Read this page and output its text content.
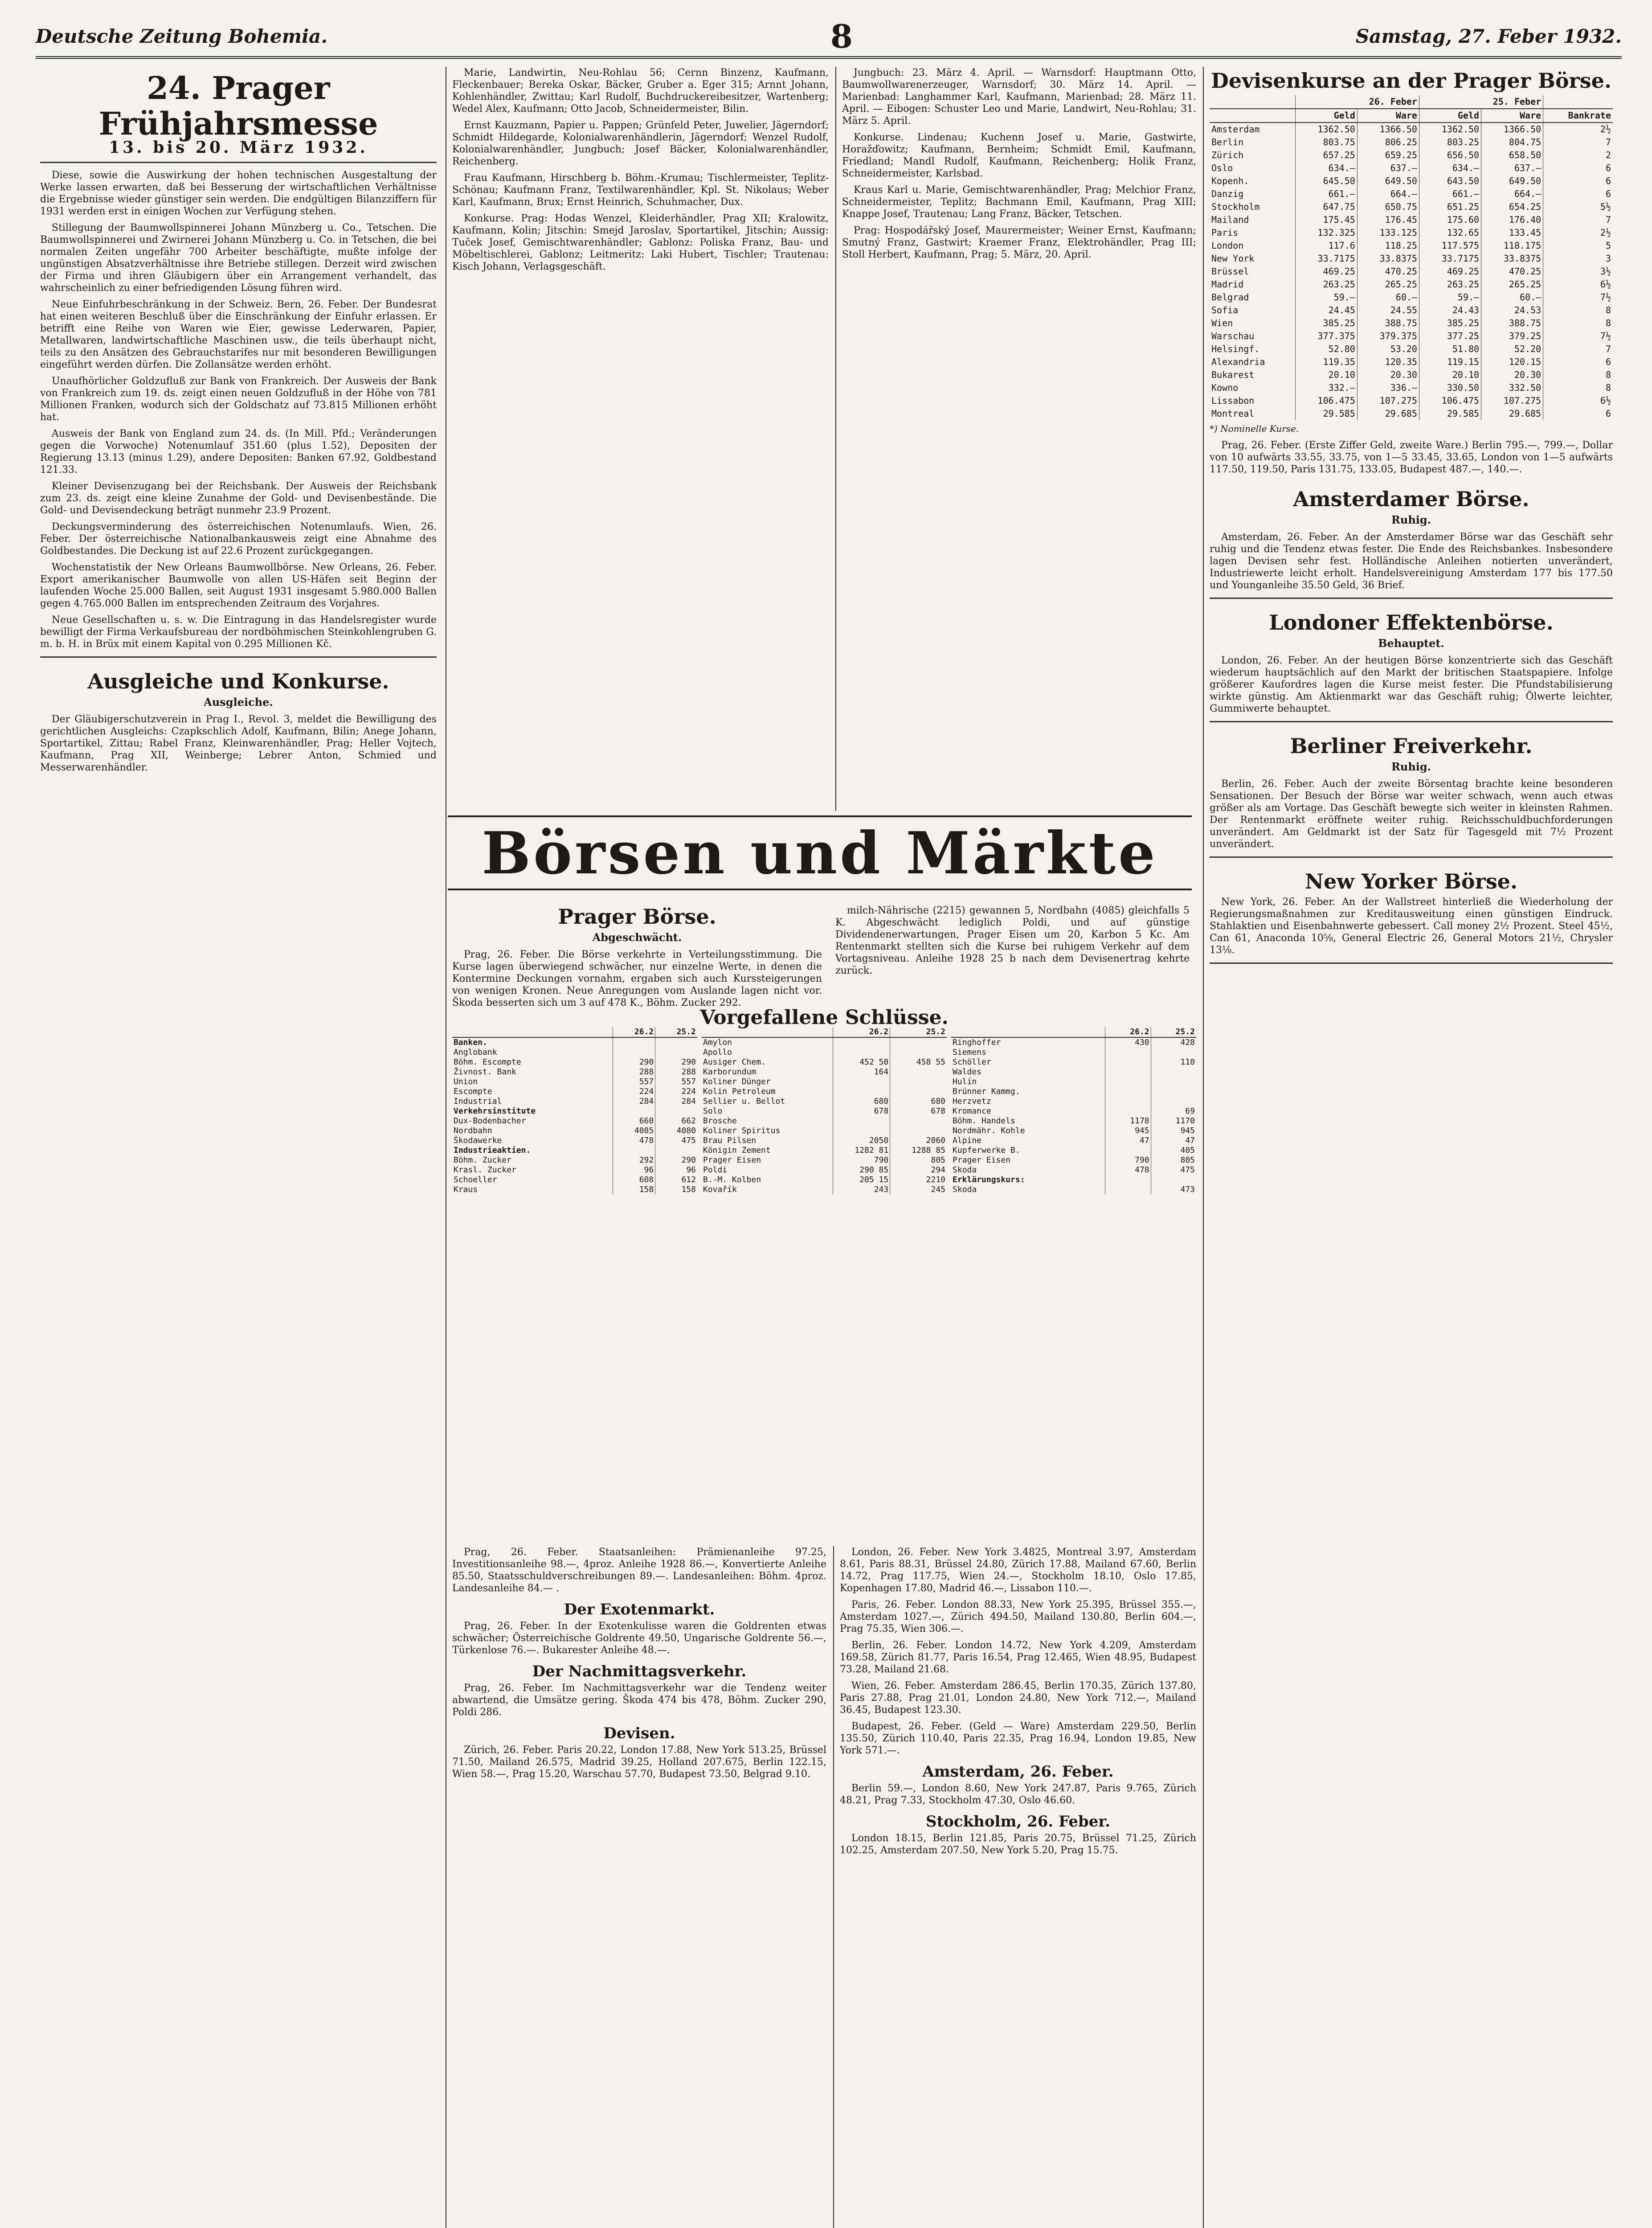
Deutsche Zeitung Bohemia.	8	Samstag, 27. Feber 1932.
24. Prager Frühjahrsmesse
13. bis 20. März 1932.

Diese, sowie die Auswirkung der hohen technischen Ausgestaltung der Werke lassen erwarten, daß bei Besserung der wirtschaftlichen Verhältnisse die Ergebnisse wieder günstiger sein werden. Die endgültigen Bilanzziffern für 1931 werden erst in einigen Wochen zur Verfügung stehen.

Stillegung der Baumwollspinnerei Johann Münzberg u. Co., Tetschen. Die Baumwollspinnerei und Zwirnerei Johann Münzberg u. Co. in Tetschen, die bei normalen Zeiten ungefähr 700 Arbeiter beschäftigte, mußte infolge der ungünstigen Absatzverhältnisse ihre Betriebe stillegen. Derzeit wird zwischen der Firma und ihren Gläubigern über ein Arrangement verhandelt, das wahrscheinlich zu einer befriedigenden Lösung führen wird.

Neue Einfuhrbeschränkung in der Schweiz. Bern, 26. Feber. Der Bundesrat hat einen weiteren Beschluß über die Einschränkung der Einfuhr erlassen. Er betrifft eine Reihe von Waren wie Eier, gewisse Lederwaren, Papier, Metallwaren, landwirtschaftliche Maschinen usw., die teils überhaupt nicht, teils zu den Ansätzen des Gebrauchstarifes nur mit besonderen Bewilligungen eingeführt werden dürfen. Die Zollansätze werden erhöht.

Unaufhörlicher Goldzufluß zur Bank von Frankreich. Der Ausweis der Bank von Frankreich zum 19. ds. zeigt einen neuen Goldzufluß in der Höhe von 781 Millionen Franken, wodurch sich der Goldschatz auf 73.815 Millionen erhöht hat.

Ausweis der Bank von England zum 24. ds. (In Mill. Pfd.; Veränderungen gegen die Vorwoche) Notenumlauf 351.60 (plus 1.52), Depositen der Regierung 13.13 (minus 1.29), andere Depositen: Banken 67.92, Goldbestand 121.33.

Kleiner Devisenzugang bei der Reichsbank. Der Ausweis der Reichsbank zum 23. ds. zeigt eine kleine Zunahme der Gold- und Devisenbestände. Die Gold- und Devisendeckung beträgt nunmehr 23.9 Prozent.

Deckungsverminderung des österreichischen Notenumlaufs. Wien, 26. Feber. Der österreichische Nationalbankausweis zeigt eine Abnahme des Goldbestandes. Die Deckung ist auf 22.6 Prozent zurückgegangen.

Wochenstatistik der New Orleans Baumwollbörse. New Orleans, 26. Feber. Export amerikanischer Baumwolle von allen US-Häfen seit Beginn der laufenden Woche 25.000 Ballen, seit August 1931 insgesamt 5.980.000 Ballen gegen 4.765.000 Ballen im entsprechenden Zeitraum des Vorjahres.

Neue Gesellschaften u. s. w. Die Eintragung in das Handelsregister wurde bewilligt der Firma Verkaufsbureau der nordböhmischen Steinkohlengruben G. m. b. H. in Brüx mit einem Kapital von 0.295 Millionen Kč.

Ausgleiche und Konkurse.
Ausgleiche.

Der Gläubigerschutzverein in Prag I., Revol. 3, meldet die Bewilligung des gerichtlichen Ausgleichs: Czapkschlich Adolf, Kaufmann, Bilin; Anege Johann, Sportartikel, Zittau; Rabel Franz, Kleinwarenhändler, Prag; Heller Vojtech, Kaufmann, Prag XII, Weinberge; Lebrer Anton, Schmied und Messerwarenhändler.

Marie, Landwirtin, Neu-Rohlau 56; Cernn Binzenz, Kaufmann, Fleckenbauer; Bereka Oskar, Bäcker, Gruber a. Eger 315; Arnnt Johann, Kohlenhändler, Zwittau; Karl Rudolf, Buchdruckereibesitzer, Wartenberg; Wedel Alex, Kaufmann; Otto Jacob, Schneidermeister, Bilin.

Ernst Kauzmann, Papier u. Pappen; Grünfeld Peter, Juwelier, Jägerndorf; Schmidt Hildegarde, Kolonialwarenhändlerin, Jägerndorf; Wenzel Rudolf, Kolonialwarenhändler, Jungbuch; Josef Bäcker, Kolonialwarenhändler, Reichenberg.

Frau Kaufmann, Hirschberg b. Böhm.-Krumau; Tischlermeister, Teplitz-Schönau; Kaufmann Franz, Textilwarenhändler, Kpl. St. Nikolaus; Weber Karl, Kaufmann, Brux; Ernst Heinrich, Schuhmacher, Dux.

Konkurse. Prag: Hodas Wenzel, Kleiderhändler, Prag XII; Kralowitz, Kaufmann, Kolin; Jitschin: Smejd Jaroslav, Sportartikel, Jitschin; Aussig: Tuček Josef, Gemischtwarenhändler; Gablonz: Poliska Franz, Bau- und Möbeltischlerei, Gablonz; Leitmeritz: Laki Hubert, Tischler; Trautenau: Kisch Johann, Verlagsgeschäft.

Jungbuch: 23. März 4. April. — Warnsdorf: Hauptmann Otto, Baumwollwarenerzeuger, Warnsdorf; 30. März 14. April. — Marienbad: Langhammer Karl, Kaufmann, Marienbad; 28. März 11. April. — Eibogen: Schuster Leo und Marie, Landwirt, Neu-Rohlau; 31. März 5. April.

Konkurse. Lindenau; Kuchenn Josef u. Marie, Gastwirte, Horažďowitz; Kaufmann, Bernheim; Schmidt Emil, Kaufmann, Friedland; Mandl Rudolf, Kaufmann, Reichenberg; Holik Franz, Schneidermeister, Karlsbad.

Kraus Karl u. Marie, Gemischtwarenhändler, Prag; Melchior Franz, Schneidermeister, Teplitz; Bachmann Emil, Kaufmann, Prag XIII; Knappe Josef, Trautenau; Lang Franz, Bäcker, Tetschen.

Prag: Hospodářský Josef, Maurermeister; Weiner Ernst, Kaufmann; Smutný Franz, Gastwirt; Kraemer Franz, Elektrohändler, Prag III; Stoll Herbert, Kaufmann, Prag; 5. März, 20. April.

Devisenkurse an der Prager Börse.
	26. Feber		25. Feber		
	Geld	Ware	Geld	Ware	Bankrate
Amsterdam	1362.50	1366.50	1362.50	1366.50	2½
Berlin	803.75	806.25	803.25	804.75	7
Zürich	657.25	659.25	656.50	658.50	2
Oslo	634.—	637.—	634.—	637.—	6
Kopenh.	645.50	649.50	643.50	649.50	6
Danzig	661.—	664.—	661.—	664.—	6
Stockholm	647.75	650.75	651.25	654.25	5½
Mailand	175.45	176.45	175.60	176.40	7
Paris	132.325	133.125	132.65	133.45	2½
London	117.6	118.25	117.575	118.175	5
New York	33.7175	33.8375	33.7175	33.8375	3
Brüssel	469.25	470.25	469.25	470.25	3½
Madrid	263.25	265.25	263.25	265.25	6½
Belgrad	59.—	60.—	59.—	60.—	7½
Sofia	24.45	24.55	24.43	24.53	8
Wien	385.25	388.75	385.25	388.75	8
Warschau	377.375	379.375	377.25	379.25	7½
Helsingf.	52.80	53.20	51.80	52.20	7
Alexandria	119.35	120.35	119.15	120.15	6
Bukarest	20.10	20.30	20.10	20.30	8
Kowno	332.—	336.—	330.50	332.50	8
Lissabon	106.475	107.275	106.475	107.275	6½
Montreal	29.585	29.685	29.585	29.685	6
*) Nominelle Kurse.

Prag, 26. Feber. (Erste Ziffer Geld, zweite Ware.) Berlin 795.—, 799.—, Dollar von 10 aufwärts 33.55, 33.75, von 1—5 33.45, 33.65, London von 1—5 aufwärts 117.50, 119.50, Paris 131.75, 133.05, Budapest 487.—, 140.—.

Amsterdamer Börse.
Ruhig.

Amsterdam, 26. Feber. An der Amsterdamer Börse war das Geschäft sehr ruhig und die Tendenz etwas fester. Die Ende des Reichsbankes. Insbesondere lagen Devisen sehr fest. Holländische Anleihen notierten unverändert, Industriewerte leicht erholt. Handelsvereinigung Amsterdam 177 bis 177.50 und Younganleihe 35.50 Geld, 36 Brief.

Londoner Effektenbörse.
Behauptet.

London, 26. Feber. An der heutigen Börse konzentrierte sich das Geschäft wiederum hauptsächlich auf den Markt der britischen Staatspapiere. Infolge größerer Kaufordres lagen die Kurse meist fester. Die Pfundstabilisierung wirkte günstig. Am Aktienmarkt war das Geschäft ruhig; Ölwerte leichter, Gummiwerte behauptet.

Berliner Freiverkehr.
Ruhig.

Berlin, 26. Feber. Auch der zweite Börsentag brachte keine besonderen Sensationen. Der Besuch der Börse war weiter schwach, wenn auch etwas größer als am Vortage. Das Geschäft bewegte sich weiter in kleinsten Rahmen. Der Rentenmarkt eröffnete weiter ruhig. Reichsschuldbuchforderungen unverändert. Am Geldmarkt ist der Satz für Tagesgeld mit 7½ Prozent unverändert.

New Yorker Börse.

New York, 26. Feber. An der Wallstreet hinterließ die Wiederholung der Regierungsmaßnahmen zur Kreditausweitung einen günstigen Eindruck. Stahlaktien und Eisenbahnwerte gebessert. Call money 2½ Prozent. Steel 45½, Can 61, Anaconda 10⅝, General Electric 26, General Motors 21½, Chrysler 13⅛.

Börsen und Märkte
Prager Börse.
Abgeschwächt.

Prag, 26. Feber. Die Börse verkehrte in Verteilungsstimmung. Die Kurse lagen überwiegend schwächer, nur einzelne Werte, in denen die Kontermine Deckungen vornahm, ergaben sich auch Kurssteigerungen von wenigen Kronen. Neue Anregungen vom Auslande lagen nicht vor. Škoda besserten sich um 3 auf 478 K., Böhm. Zucker 292.

milch-Nährische (2215) gewannen 5, Nordbahn (4085) gleichfalls 5 K. Abgeschwächt lediglich Poldi, und auf günstige Dividendenerwartungen, Prager Eisen um 20, Karbon 5 Kc. Am Rentenmarkt stellten sich die Kurse bei ruhigem Verkehr auf dem Vortagsniveau. Anleihe 1928 25 b nach dem Devisenertrag kehrte zurück.

Vorgefallene Schlüsse.
	26.2	25.2
Banken.		
Anglobank		
Böhm. Escompte	290	290
Živnost. Bank	288	288
Union	557	557
Escompte	224	224
Industrial	284	284
Verkehrsinstitute		
Dux-Bodenbacher	660	662
Nordbahn	4085	4080
Škodawerke	478	475
Industrieaktien.		
Böhm. Zucker	292	290
Krasl. Zucker	96	96
Schoeller	608	612
Kraus	158	158
	26.2	25.2
Amylon		
Apollo		
Ausiger Chem.	452 50	458 55
Karborundum	164	
Koliner Dünger		
Kolin Petroleum		
Sellier u. Bellot	680	680
Solo	678	678
Brosche		
Koliner Spiritus		
Brau Pilsen	2050	2060
Königin Zement	1282 81	1288 85
Prager Eisen	790	805
Poldi	290 85	294
B.-M. Kolben	205 15	2210
Kovařík	243	245
	26.2	25.2
Ringhoffer	430	428
Siemens		
Schöller		110
Waldes		
Hulín		
Brünner Kammg.		
Herzvetz		
Kromance		69
Böhm. Handels	1178	1170
Nordmähr. Kohle	945	945
Alpine	47	47
Kupferwerke B.		405
Prager Eisen	790	805
Skoda	478	475
Erklärungskurs:		
Skoda		473

Prag, 26. Feber. Staatsanleihen: Prämienanleihe 97.25, Investitionsanleihe 98.—, 4proz. Anleihe 1928 86.—, Konvertierte Anleihe 85.50, Staatsschuldverschreibungen 89.—. Landesanleihen: Böhm. 4proz. Landesanleihe 84.— .

Der Exotenmarkt.

Prag, 26. Feber. In der Exotenkulisse waren die Goldrenten etwas schwächer; Österreichische Goldrente 49.50, Ungarische Goldrente 56.—, Türkenlose 76.—. Bukarester Anleihe 48.—.

Der Nachmittagsverkehr.

Prag, 26. Feber. Im Nachmittagsverkehr war die Tendenz weiter abwartend, die Umsätze gering. Škoda 474 bis 478, Böhm. Zucker 290, Poldi 286.

Devisen.

Zürich, 26. Feber. Paris 20.22, London 17.88, New York 513.25, Brüssel 71.50, Mailand 26.575, Madrid 39.25, Holland 207.675, Berlin 122.15, Wien 58.—, Prag 15.20, Warschau 57.70, Budapest 73.50, Belgrad 9.10.

London, 26. Feber. New York 3.4825, Montreal 3.97, Amsterdam 8.61, Paris 88.31, Brüssel 24.80, Zürich 17.88, Mailand 67.60, Berlin 14.72, Prag 117.75, Wien 24.—, Stockholm 18.10, Oslo 17.85, Kopenhagen 17.80, Madrid 46.—, Lissabon 110.—.

Paris, 26. Feber. London 88.33, New York 25.395, Brüssel 355.—, Amsterdam 1027.—, Zürich 494.50, Mailand 130.80, Berlin 604.—, Prag 75.35, Wien 306.—.

Berlin, 26. Feber. London 14.72, New York 4.209, Amsterdam 169.58, Zürich 81.77, Paris 16.54, Prag 12.465, Wien 48.95, Budapest 73.28, Mailand 21.68.

Wien, 26. Feber. Amsterdam 286.45, Berlin 170.35, Zürich 137.80, Paris 27.88, Prag 21.01, London 24.80, New York 712.—, Mailand 36.45, Budapest 123.30.

Budapest, 26. Feber. (Geld — Ware) Amsterdam 229.50, Berlin 135.50, Zürich 110.40, Paris 22.35, Prag 16.94, London 19.85, New York 571.—.

Amsterdam, 26. Feber.

Berlin 59.—, London 8.60, New York 247.87, Paris 9.765, Zürich 48.21, Prag 7.33, Stockholm 47.30, Oslo 46.60.

Stockholm, 26. Feber.

London 18.15, Berlin 121.85, Paris 20.75, Brüssel 71.25, Zürich 102.25, Amsterdam 207.50, New York 5.20, Prag 15.75.
